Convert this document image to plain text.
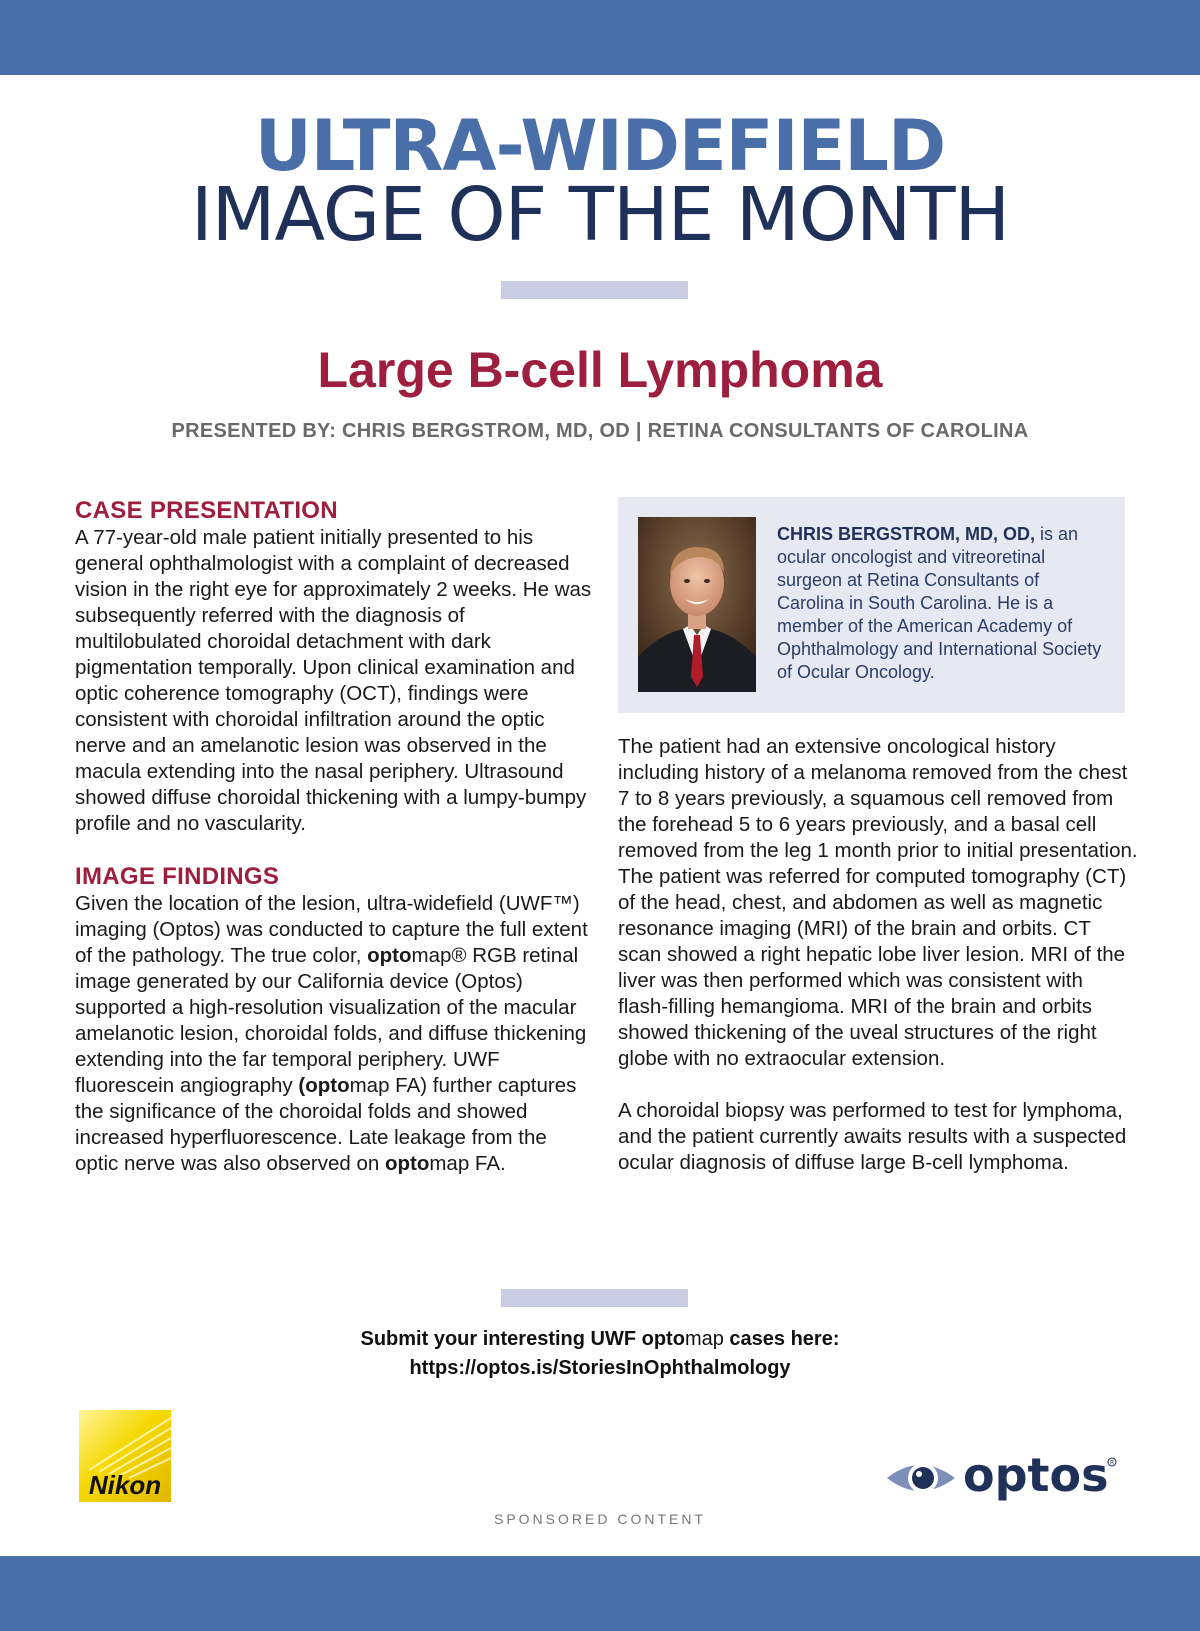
ULTRA-WIDEFIELD
IMAGE OF THE MONTH
Large B-cell Lymphoma
PRESENTED BY: CHRIS BERGSTROM, MD, OD | RETINA CONSULTANTS OF CAROLINA
CASE PRESENTATION

A 77-year-old male patient initially presented to his general ophthalmologist with a complaint of decreased vision in the right eye for approximately 2 weeks. He was subsequently referred with the diagnosis of multilobulated choroidal detachment with dark pigmentation temporally. Upon clinical examination and optic coherence tomography (OCT), findings were consistent with choroidal infiltration around the optic nerve and an amelanotic lesion was observed in the macula extending into the nasal periphery. Ultrasound showed diffuse choroidal thickening with a lumpy-bumpy profile and no vascularity.

IMAGE FINDINGS

Given the location of the lesion, ultra-widefield (UWF™) imaging (Optos) was conducted to capture the full extent of the pathology. The true color, optomap® RGB retinal image generated by our California device (Optos) supported a high-resolution visualization of the macular amelanotic lesion, choroidal folds, and diffuse thickening extending into the far temporal periphery. UWF fluorescein angiography (optomap FA) further captures the significance of the choroidal folds and showed increased hyperfluorescence. Late leakage from the optic nerve was also observed on optomap FA.

CHRIS BERGSTROM, MD, OD, is an ocular oncologist and vitreoretinal surgeon at Retina Consultants of Carolina in South Carolina. He is a member of the American Academy of Ophthalmology and International Society of Ocular Oncology.

The patient had an extensive oncological history including history of a melanoma removed from the chest 7 to 8 years previously, a squamous cell removed from the forehead 5 to 6 years previously, and a basal cell removed from the leg 1 month prior to initial presentation. The patient was referred for computed tomography (CT) of the head, chest, and abdomen as well as magnetic resonance imaging (MRI) of the brain and orbits. CT scan showed a right hepatic lobe liver lesion. MRI of the liver was then performed which was consistent with flash-filling hemangioma. MRI of the brain and orbits showed thickening of the uveal structures of the right globe with no extraocular extension.

A choroidal biopsy was performed to test for lymphoma, and the patient currently awaits results with a suspected ocular diagnosis of diffuse large B-cell lymphoma.

Submit your interesting UWF optomap cases here:
https://optos.is/StoriesInOphthalmology
Nikon	optos R
SPONSORED CONTENT
